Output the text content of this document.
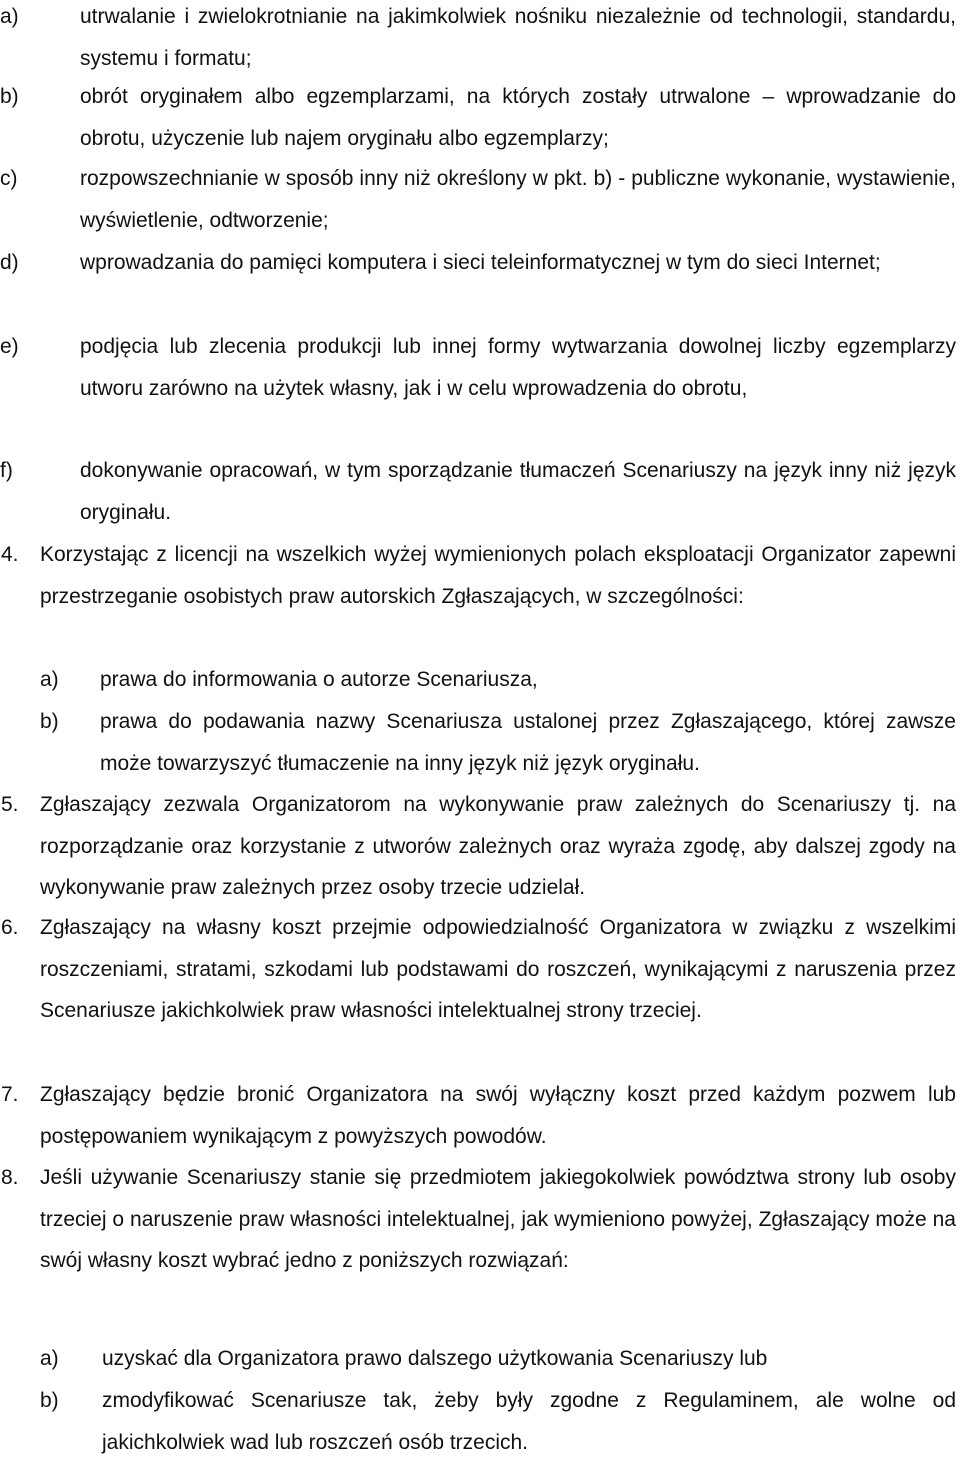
a)	utrwalanie i zwielokrotnianie na jakimkolwiek nośniku niezależnie od technologii, standardu, systemu i formatu;
b)	obrót oryginałem albo egzemplarzami, na których zostały utrwalone – wprowadzanie do obrotu, użyczenie lub najem oryginału albo egzemplarzy;
c)	rozpowszechnianie w sposób inny niż określony w pkt. b) - publiczne wykonanie, wystawienie, wyświetlenie, odtworzenie;
d)	wprowadzania do pamięci komputera i sieci teleinformatycznej w tym do sieci Internet;
e)	podjęcia lub zlecenia produkcji lub innej formy wytwarzania dowolnej liczby egzemplarzy utworu zarówno na użytek własny, jak i w celu wprowadzenia do obrotu,
f)	dokonywanie opracowań, w tym sporządzanie tłumaczeń Scenariuszy na język inny niż język oryginału.
4. Korzystając z licencji na wszelkich wyżej wymienionych polach eksploatacji Organizator zapewni przestrzeganie osobistych praw autorskich Zgłaszających, w szczególności:
a) prawa do informowania o autorze Scenariusza,
b) prawa do podawania nazwy Scenariusza ustalonej przez Zgłaszającego, której zawsze może towarzyszyć tłumaczenie na inny język niż język oryginału.
5. Zgłaszający zezwala Organizatorom na wykonywanie praw zależnych do Scenariuszy tj. na rozporządzanie oraz korzystanie z utworów zależnych oraz wyraża zgodę, aby dalszej zgody na wykonywanie praw zależnych przez osoby trzecie udzielał.
6. Zgłaszający na własny koszt przejmie odpowiedzialność Organizatora w związku z wszelkimi roszczeniami, stratami, szkodami lub podstawami do roszczeń, wynikającymi z naruszenia przez Scenariusze jakichkolwiek praw własności intelektualnej strony trzeciej.
7. Zgłaszający będzie bronić Organizatora na swój wyłączny koszt przed każdym pozwem lub postępowaniem wynikającym z powyższych powodów.
8. Jeśli używanie Scenariuszy stanie się przedmiotem jakiegokolwiek powództwa strony lub osoby trzeciej o naruszenie praw własności intelektualnej, jak wymieniono powyżej, Zgłaszający może na swój własny koszt wybrać jedno z poniższych rozwiązań:
a) uzyskać dla Organizatora prawo dalszego użytkowania Scenariuszy lub
b) zmodyfikować Scenariusze tak, żeby były zgodne z Regulaminem, ale wolne od jakichkolwiek wad lub roszczeń osób trzecich.
